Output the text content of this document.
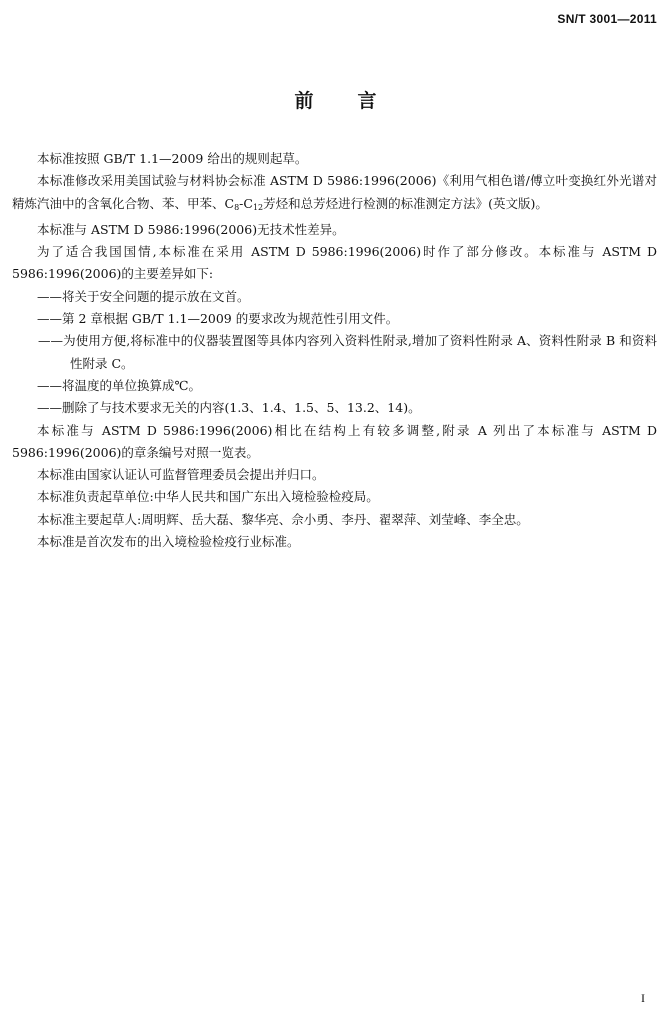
SN/T 3001—2011
前言

本标准按照 GB/T 1.1—2009 给出的规则起草。

本标准修改采用美国试验与材料协会标准 ASTM D 5986:1996(2006)《利用气相色谱/傅立叶变换红外光谱对精炼汽油中的含氧化合物、苯、甲苯、$C_8-C_{12}$芳烃和总芳烃进行检测的标准测定方法》(英文版)。

本标准与 ASTM D 5986:1996(2006)无技术性差异。

为了适合我国国情,本标准在采用 ASTM D 5986:1996(2006)时作了部分修改。本标准与 ASTM D 5986:1996(2006)的主要差异如下:

——将关于安全问题的提示放在文首。

——第 2 章根据 GB/T 1.1—2009 的要求改为规范性引用文件。

——为使用方便,将标准中的仪器装置图等具体内容列入资料性附录,增加了资料性附录 A、资料性附录 B 和资料性附录 C。

——将温度的单位换算成℃。

——删除了与技术要求无关的内容(1.3、1.4、1.5、5、13.2、14)。

本标准与 ASTM D 5986:1996(2006)相比在结构上有较多调整,附录 A 列出了本标准与 ASTM D 5986:1996(2006)的章条编号对照一览表。

本标准由国家认证认可监督管理委员会提出并归口。

本标准负责起草单位:中华人民共和国广东出入境检验检疫局。

本标准主要起草人:周明辉、岳大磊、黎华亮、佘小勇、李丹、翟翠萍、刘莹峰、李全忠。

本标准是首次发布的出入境检验检疫行业标准。

I
